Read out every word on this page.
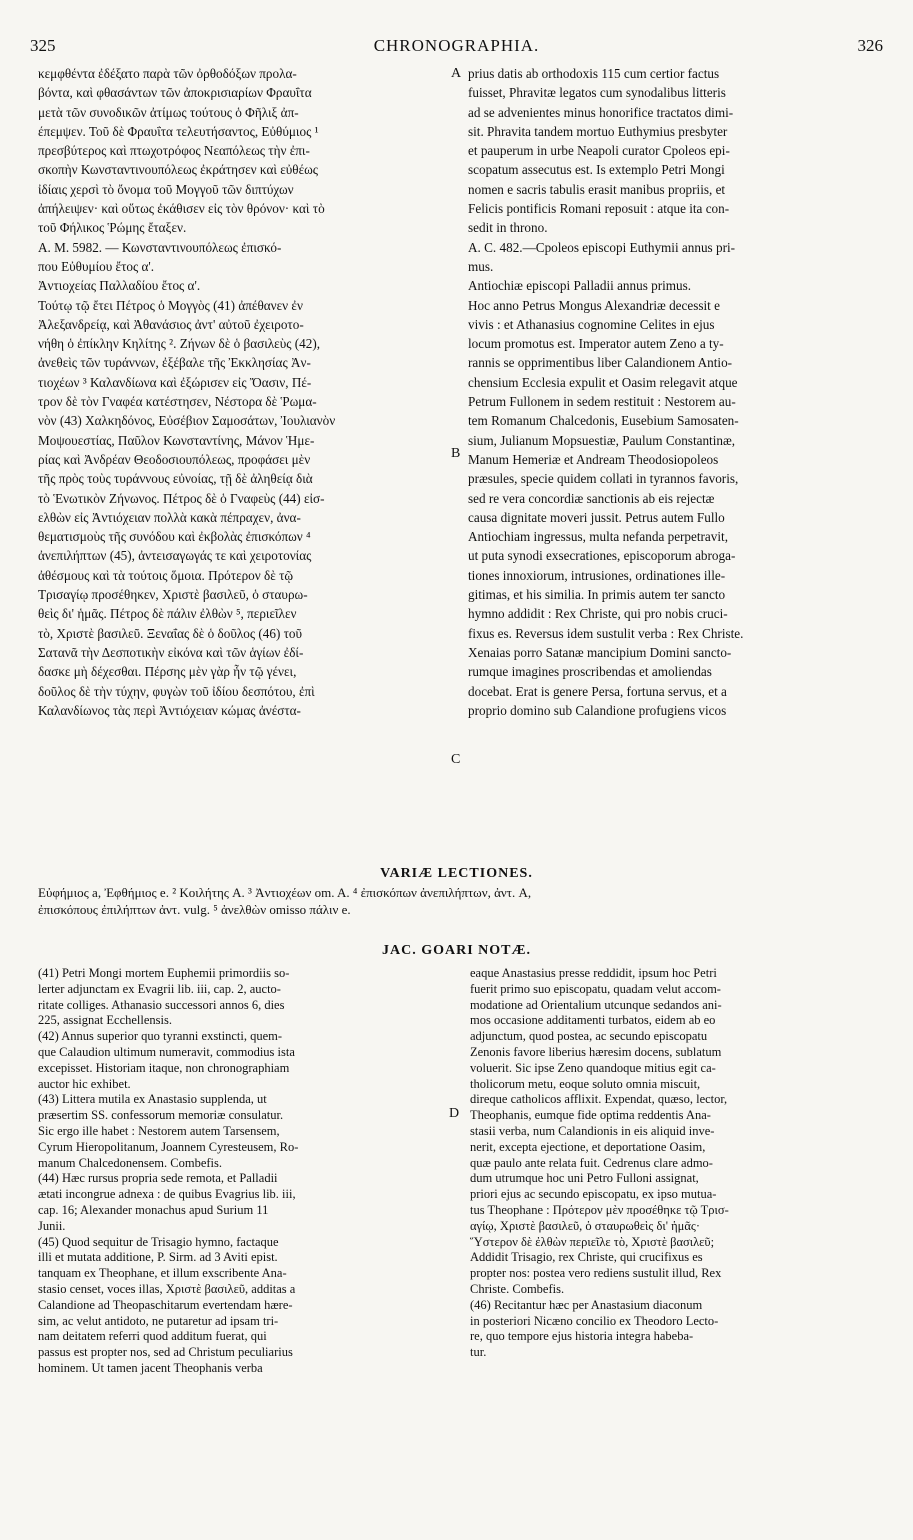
325	CHRONOGRAPHIA.	326
κεμφθέντα ἐδέξατο παρὰ τῶν ὀρθοδόξων προλα-
βόντα, καὶ φθασάντων τῶν ἀποκρισιαρίων Φραυΐτα
μετὰ τῶν συνοδικῶν ἀτίμως τούτους ὁ Φῆλιξ ἀπ-
έπεμψεν. Τοῦ δὲ Φραυΐτα τελευτήσαντος, Εὐθύμιος ¹
πρεσβύτερος καὶ πτωχοτρόφος Νεαπόλεως τὴν ἐπι-
σκοπὴν Κωνσταντινουπόλεως ἐκράτησεν καὶ εὐθέως
ἰδίαις χερσὶ τὸ ὄνομα τοῦ Μογγοῦ τῶν διπτύχων
ἀπήλειψεν· καὶ οὕτως ἐκάθισεν εἰς τὸν θρόνον· καὶ τὸ
τοῦ Φήλικος Ῥώμης ἔταξεν.
Α. Μ. 5982. — Κωνσταντινουπόλεως ἐπισκό-
που Εὐθυμίου ἔτος α'.
Ἀντιοχείας Παλλαδίου ἔτος α'.
Τούτῳ τῷ ἔτει Πέτρος ὁ Μογγὸς (41) ἀπέθανεν ἐν
Ἀλεξανδρείᾳ, καὶ Ἀθανάσιος ἀντ' αὐτοῦ ἐχειροτο-
νήθη ὁ ἐπίκλην Κηλίτης ². Ζήνων δὲ ὁ βασιλεὺς (42),
ἀνεθεὶς τῶν τυράννων, ἐξέβαλε τῆς Ἐκκλησίας Ἀν-
τιοχέων ³ Καλανδίωνα καὶ ἐξώρισεν εἰς Ὄασιν, Πέ-
τρον δὲ τὸν Γναφέα κατέστησεν, Νέστορα δὲ Ῥωμα-
νὸν (43) Χαλκηδόνος, Εὐσέβιον Σαμοσάτων, Ἰουλιανὸν
Μοψουεστίας, Παῦλον Κωνσταντίνης, Μάνον Ἡμε-
ρίας καὶ Ἀνδρέαν Θεοδοσιουπόλεως, προφάσει μὲν
τῆς πρὸς τοὺς τυράννους εὐνοίας, τῇ δὲ ἀληθείᾳ διὰ
τὸ Ἑνωτικὸν Ζήνωνος. Πέτρος δὲ ὁ Γναφεὺς (44) εἰσ-
ελθὼν εἰς Ἀντιόχειαν πολλὰ κακὰ πέπραχεν, ἀνα-
θεματισμοὺς τῆς συνόδου καὶ ἐκβολὰς ἐπισκόπων ⁴
ἀνεπιλήπτων (45), ἀντεισαγωγάς τε καὶ χειροτονίας
ἀθέσμους καὶ τὰ τούτοις ὅμοια. Πρότερον δὲ τῷ
Τρισαγίῳ προσέθηκεν, Χριστὲ βασιλεῦ, ὁ σταυρω-
θεὶς δι' ἡμᾶς. Πέτρος δὲ πάλιν ἐλθὼν ⁵, περιεῖλεν
τὸ, Χριστὲ βασιλεῦ. Ξεναΐας δὲ ὁ δοῦλος (46) τοῦ
Σατανᾶ τὴν Δεσποτικὴν εἰκόνα καὶ τῶν ἁγίων ἐδί-
δασκε μὴ δέχεσθαι. Πέρσης μὲν γὰρ ἦν τῷ γένει,
δοῦλος δὲ τὴν τύχην, φυγὼν τοῦ ἰδίου δεσπότου, ἐπὶ
Καλανδίωνος τὰς περὶ Ἀντιόχειαν κώμας ἀνέστα-
prius datis ab orthodoxis 115 cum certior factus
fuisset, Phravitæ legatos cum synodalibus litteris
ad se advenientes minus honorifice tractatos dimi-
sit. Phravita tandem mortuo Euthymius presbyter
et pauperum in urbe Neapoli curator Cpoleos epi-
scopatum assecutus est. Is extemplo Petri Mongi
nomen e sacris tabulis erasit manibus propriis, et
Felicis pontificis Romani reposuit : atque ita con-
sedit in throno.
A. C. 482.—Cpoleos episcopi Euthymii annus pri-
mus.
Antiochiæ episcopi Palladii annus primus.
Hoc anno Petrus Mongus Alexandriæ decessit e
vivis : et Athanasius cognomine Celites in ejus
locum promotus est. Imperator autem Zeno a ty-
rannis se opprimentibus liber Calandionem Antio-
chensium Ecclesia expulit et Oasim relegavit atque
Petrum Fullonem in sedem restituit : Nestorem au-
tem Romanum Chalcedonis, Eusebium Samosaten-
sium, Julianum Mopsuestiæ, Paulum Constantinæ,
Manum Hemeriæ et Andream Theodosiopoleos
præsules, specie quidem collati in tyrannos favoris,
sed re vera concordiæ sanctionis ab eis rejectæ
causa dignitate moveri jussit. Petrus autem Fullo
Antiochiam ingressus, multa nefanda perpetravit,
ut puta synodi exsecrationes, episcoporum abroga-
tiones innoxiorum, intrusiones, ordinationes ille-
gitimas, et his similia. In primis autem ter sancto
hymno addidit : Rex Christe, qui pro nobis cruci-
fixus es. Reversus idem sustulit verba : Rex Christe.
Xenaias porro Satanæ mancipium Domini sancto-
rumque imagines proscribendas et amoliendas
docebat. Erat is genere Persa, fortuna servus, et a
proprio domino sub Calandione profugiens vicos
A
B
C
D
VARIÆ LECTIONES.
Εὐφήμιος a, Ἐφθήμιος e. ² Κοιλήτης A. ³ Ἀντιοχέων om. A. ⁴ ἐπισκόπων ἀνεπιλήπτων, ἀντ. A,
ἐπισκόπους ἐπιλήπτων ἀντ. vulg. ⁵ ἀνελθὼν omisso πάλιν e.
JAC. GOARI NOTÆ.
(41) Petri Mongi mortem Euphemii primordiis so-
lerter adjunctam ex Evagrii lib. iii, cap. 2, aucto-
ritate colliges. Athanasio successori annos 6, dies
225, assignat Ecchellensis.
(42) Annus superior quo tyranni exstincti, quem-
que Calaudion ultimum numeravit, commodius ista
excepisset. Historiam itaque, non chronographiam
auctor hic exhibet.
(43) Littera mutila ex Anastasio supplenda, ut
præsertim SS. confessorum memoriæ consulatur.
Sic ergo ille habet : Nestorem autem Tarsensem,
Cyrum Hieropolitanum, Joannem Cyresteusem, Ro-
manum Chalcedonensem. Combefis.
(44) Hæc rursus propria sede remota, et Palladii
ætati incongrue adnexa : de quibus Evagrius lib. iii,
cap. 16; Alexander monachus apud Surium 11
Junii.
(45) Quod sequitur de Trisagio hymno, factaque
illi et mutata additione, P. Sirm. ad 3 Aviti epist.
tanquam ex Theophane, et illum exscribente Ana-
stasio censet, voces illas, Χριστὲ βασιλεῦ, additas a
Calandione ad Theopaschitarum evertendam hære-
sim, ac velut antidoto, ne putaretur ad ipsam tri-
nam deitatem referri quod additum fuerat, qui
passus est propter nos, sed ad Christum peculiarius
hominem. Ut tamen jacent Theophanis verba
eaque Anastasius presse reddidit, ipsum hoc Petri
fuerit primo suo episcopatu, quadam velut accom-
modatione ad Orientalium utcunque sedandos ani-
mos occasione additamenti turbatos, eidem ab eo
adjunctum, quod postea, ac secundo episcopatu
Zenonis favore liberius hæresim docens, sublatum
voluerit. Sic ipse Zeno quandoque mitius egit ca-
tholicorum metu, eoque soluto omnia miscuit,
direque catholicos afflixit. Expendat, quæso, lector,
Theophanis, eumque fide optima reddentis Ana-
stasii verba, num Calandionis in eis aliquid inve-
nerit, excepta ejectione, et deportatione Oasim,
quæ paulo ante relata fuit. Cedrenus clare admo-
dum utrumque hoc uni Petro Fulloni assignat,
priori ejus ac secundo episcopatu, ex ipso mutua-
tus Theophane : Πρότερον μὲν προσέθηκε τῷ Τρισ-
αγίῳ, Χριστὲ βασιλεῦ, ὁ σταυρωθεὶς δι' ἡμᾶς·
Ὕστερον δὲ ἐλθὼν περιεῖλε τὸ, Χριστὲ βασιλεῦ;
Addidit Trisagio, rex Christe, qui crucifixus es
propter nos: postea vero rediens sustulit illud, Rex
Christe. Combefis.
(46) Recitantur hæc per Anastasium diaconum
in posteriori Nicæno concilio ex Theodoro Lecto-
re, quo tempore ejus historia integra habeba-
tur.
